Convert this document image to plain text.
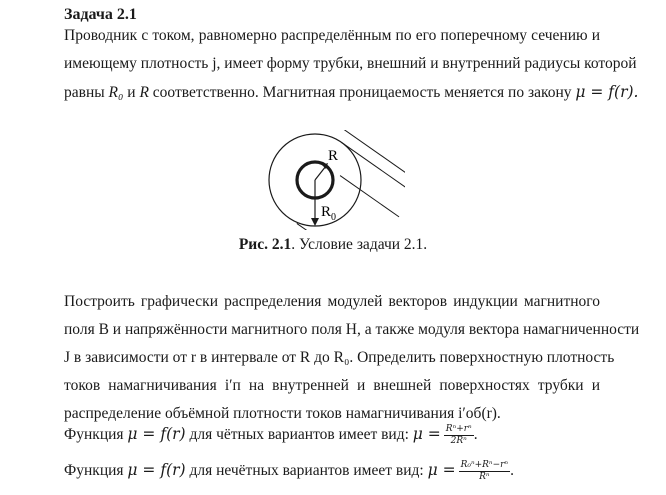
Задача 2.1
Проводник с током, равномерно распределённым по его поперечному сечению и
имеющему плотность j, имеет форму трубки, внешний и внутренний радиусы которой
равны R₀ и R соответственно. Магнитная проницаемость меняется по закону μ = f(r).
R
$R_0$
Рис. 2.1. Условие задачи 2.1.
Построить графически распределения модулей векторов индукции магнитного
поля B и напряжённости магнитного поля H, а также модуля вектора намагниченности
J в зависимости от r в интервале от R до R₀. Определить поверхностную плотность
токов намагничивания i′п на внутренней и внешней поверхностях трубки и
распределение объёмной плотности токов намагничивания i′об(r).
Функция μ = f(r) для чётных вариантов имеет вид: $\mu = \frac{\text{Rⁿ+rⁿ}}{\text{2Rⁿ}}$ .
Функция μ = f(r) для нечётных вариантов имеет вид: $\mu = \frac{\text{R₀ⁿ+Rⁿ−rⁿ}}{\text{Rⁿ}}$ .
